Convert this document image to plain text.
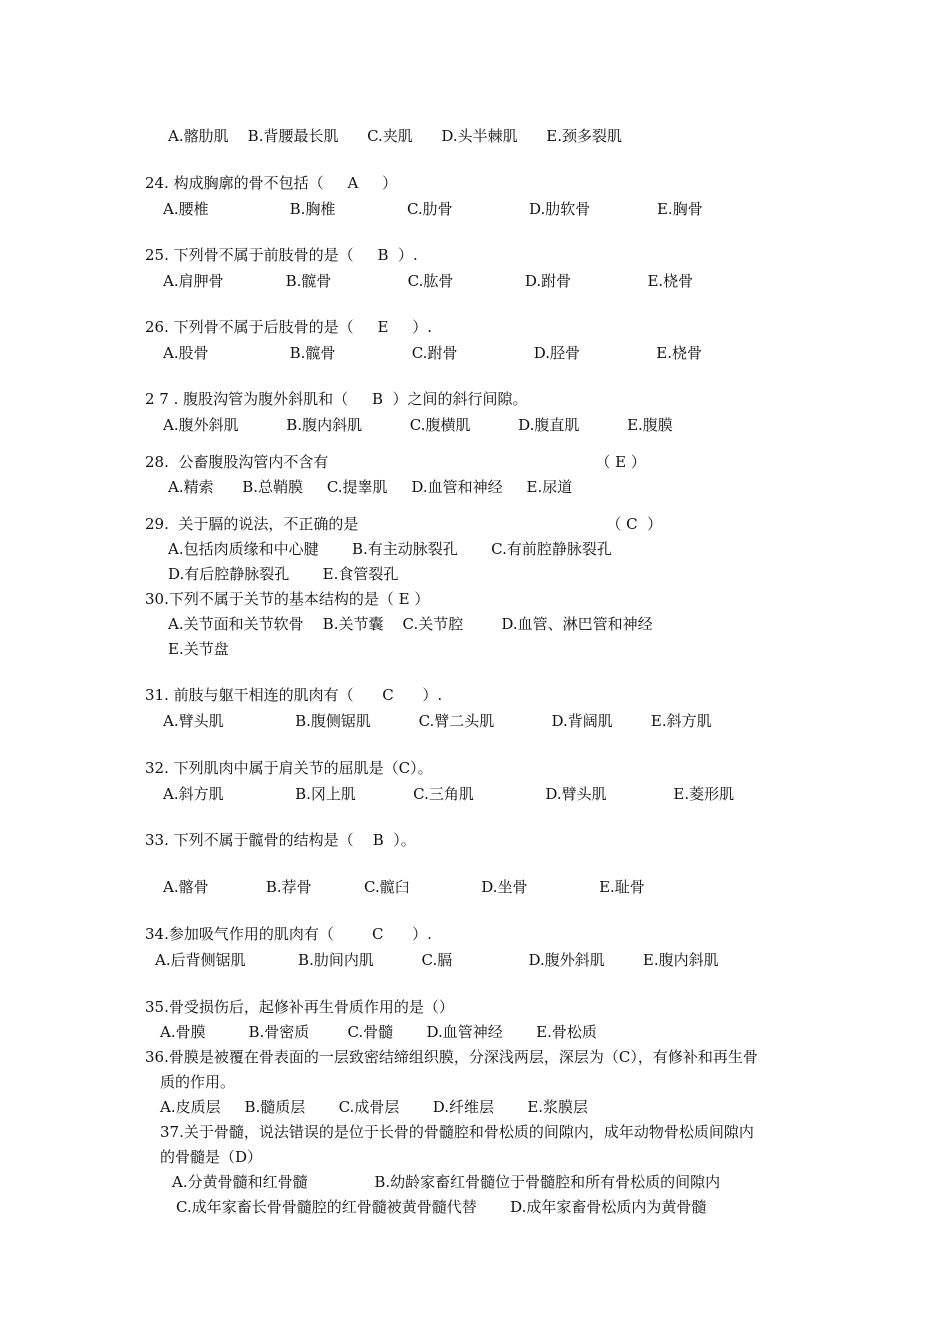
A.髂肋肌    B.背腰最长肌      C.夹肌      D.头半棘肌      E.颈多裂肌
24. 构成胸廓的骨不包括（     A     ）
A.腰椎                 B.胸椎               C.肋骨                D.肋软骨              E.胸骨
25. 下列骨不属于前肢骨的是（     B  ）.
A.肩胛骨             B.髋骨                C.肱骨               D.跗骨                E.桡骨
26. 下列骨不属于后肢骨的是（     E     ）.
A.股骨                 B.髋骨                C.跗骨                D.胫骨                E.桡骨
2 7 . 腹股沟管为腹外斜肌和（     B  ）之间的斜行间隙。
A.腹外斜肌          B.腹内斜肌          C.腹横肌          D.腹直肌          E.腹膜
28.  公畜腹股沟管内不含有                                                        （ E ）
A.精索      B.总鞘膜     C.提睾肌     D.血管和神经     E.尿道
29.  关于膈的说法，不正确的是                                                    （ C  ）
A.包括肉质缘和中心腱       B.有主动脉裂孔       C.有前腔静脉裂孔
D.有后腔静脉裂孔       E.食管裂孔
30.下列不属于关节的基本结构的是（ E ）
A.关节面和关节软骨    B.关节囊    C.关节腔        D.血管、淋巴管和神经
E.关节盘
31. 前肢与躯干相连的肌肉有（      C      ）.
A.臂头肌               B.腹侧锯肌          C.臂二头肌            D.背阔肌        E.斜方肌
32. 下列肌肉中属于肩关节的屈肌是（C）。
A.斜方肌               B.冈上肌            C.三角肌               D.臂头肌              E.菱形肌
33. 下列不属于髋骨的结构是（    B  ）。
A.髂骨            B.荐骨           C.髋臼               D.坐骨               E.耻骨
34.参加吸气作用的肌肉有（        C      ）.
A.后背侧锯肌           B.肋间内肌          C.膈                D.腹外斜肌        E.腹内斜肌
35.骨受损伤后，起修补再生骨质作用的是（）
A.骨膜         B.骨密质        C.骨髓       D.血管神经       E.骨松质
36.骨膜是被覆在骨表面的一层致密结缔组织膜，分深浅两层，深层为（C），有修补和再生骨
质的作用。
A.皮质层     B.髓质层       C.成骨层       D.纤维层       E.浆膜层
37.关于骨髓，说法错误的是位于长骨的骨髓腔和骨松质的间隙内，成年动物骨松质间隙内
的骨髓是（D）
A.分黄骨髓和红骨髓              B.幼龄家畜红骨髓位于骨髓腔和所有骨松质的间隙内
C.成年家畜长骨骨髓腔的红骨髓被黄骨髓代替       D.成年家畜骨松质内为黄骨髓
